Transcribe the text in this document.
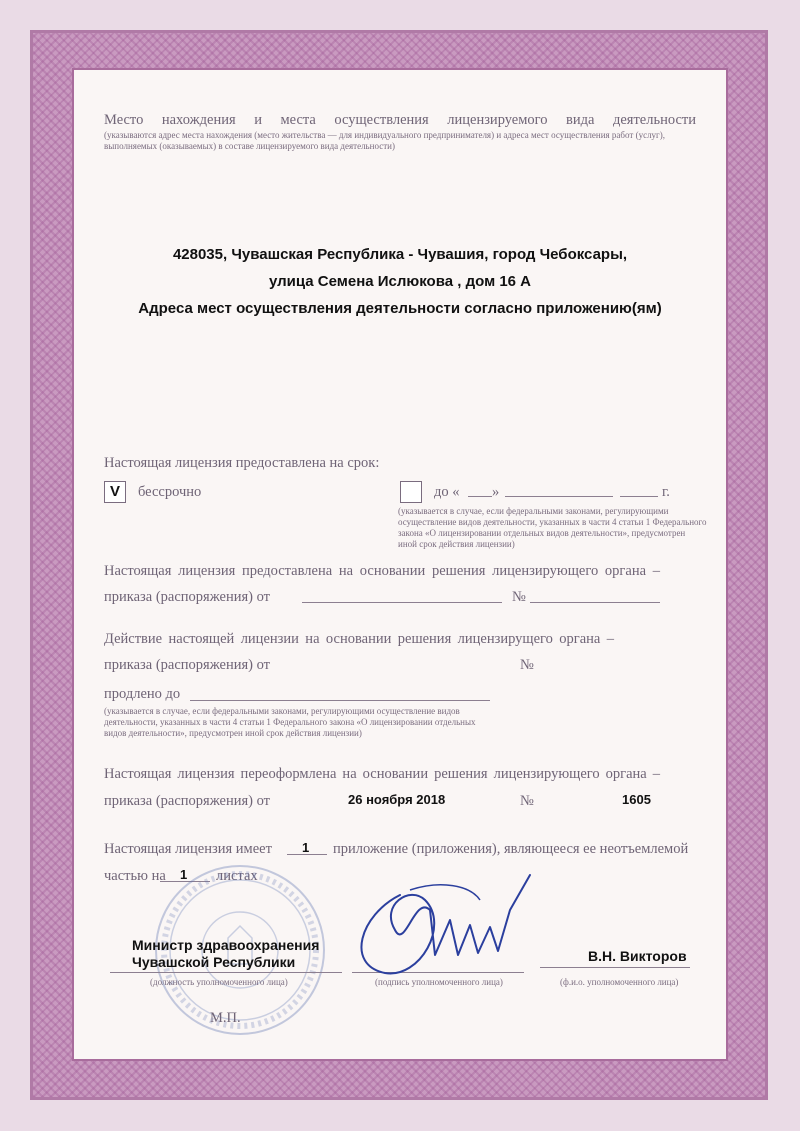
Место нахождения и места осуществления лицензируемого вида деятельности
(указываются адрес места нахождения (место жительства — для индивидуального предпринимателя) и адреса мест осуществления работ (услуг),
выполняемых (оказываемых) в составе лицензируемого вида деятельности)
428035, Чувашская Республика - Чувашия, город Чебоксары,
улица Семена Ислюкова , дом 16 А
Адреса мест осуществления деятельности согласно приложению(ям)
Настоящая лицензия предоставлена на срок:
V	бессрочно	до « »	г.
(указывается в случае, если федеральными законами, регулирующими
осуществление видов деятельности, указанных в части 4 статьи 1 Федерального
закона «О лицензировании отдельных видов деятельности», предусмотрен
иной срок действия лицензии)
Настоящая лицензия предоставлена на основании решения лицензирующего органа –
приказа (распоряжения) от	№
Действие настоящей лицензии на основании решения лицензирущего органа –
приказа (распоряжения) от	№
продлено до
(указывается в случае, если федеральными законами, регулирующими осуществление видов
деятельности, указанных в части 4 статьи 1 Федерального закона «О лицензировании отдельных
видов деятельности», предусмотрен иной срок действия лицензии)
Настоящая лицензия переоформлена на основании решения лицензирующего органа –
приказа (распоряжения) от	26 ноября 2018	№	1605
Настоящая лицензия имеет 1 приложение (приложения), являющееся ее неотъемлемой
частью на 1 листах
Министр здравоохранения
Чувашской Республики
(должность уполномоченного лица)	(подпись уполномоченного лица)
В.Н. Викторов
(ф.и.о. уполномоченного лица)
М.П.
